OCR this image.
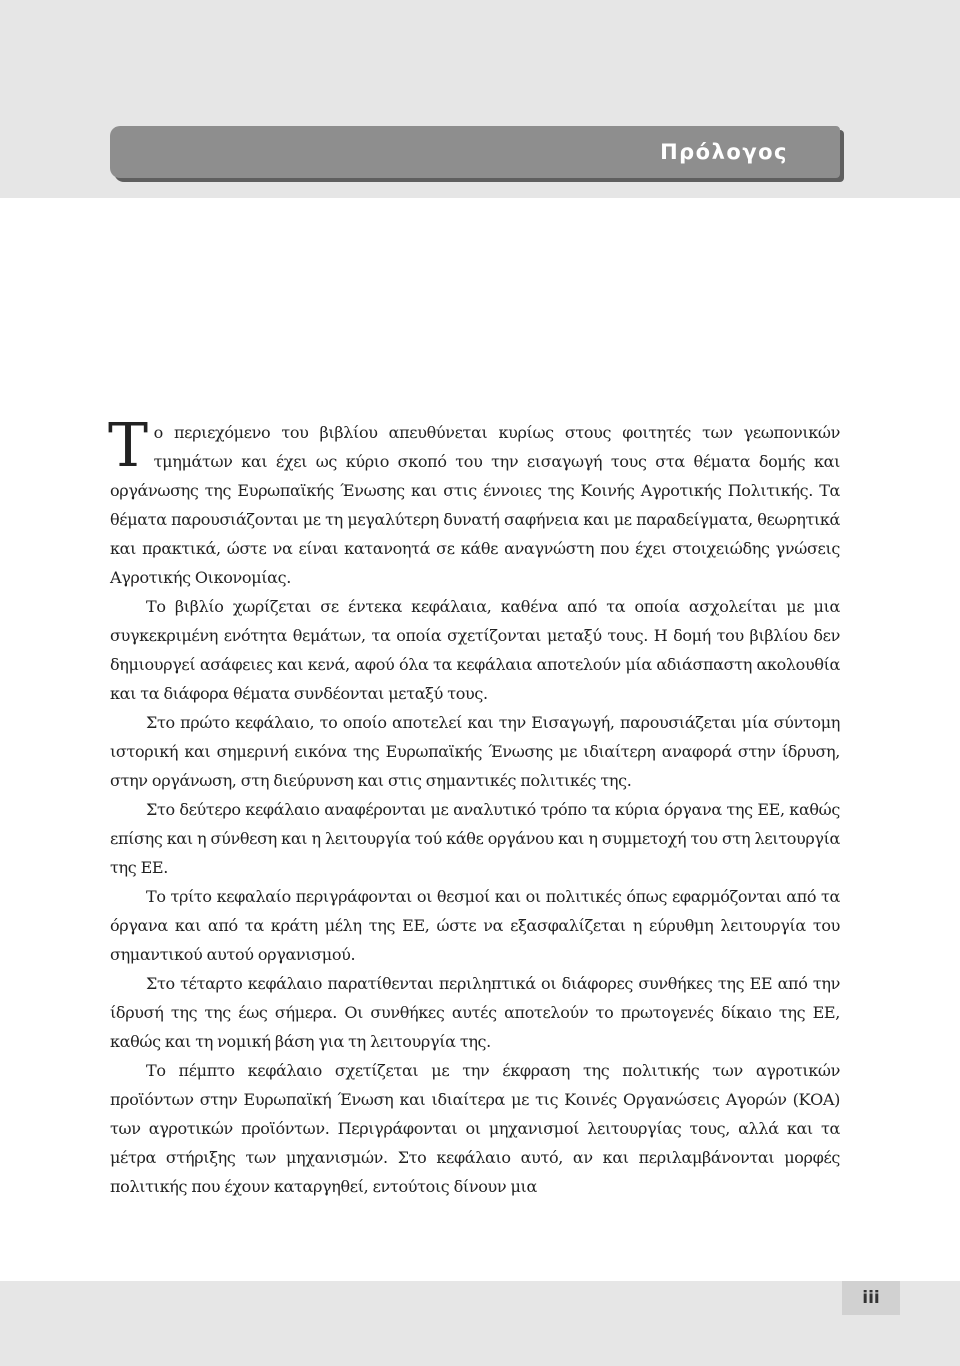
Πρόλογος

Το περιεχόμενο του βιβλίου απευθύνεται κυρίως στους φοιτητές των γεωπονικών τμημάτων και έχει ως κύριο σκοπό του την εισαγωγή τους στα θέματα δομής και οργάνωσης της Ευρωπαϊκής Ένωσης και στις έννοιες της Κοινής Αγροτικής Πολιτικής. Τα θέματα παρουσιάζονται με τη μεγαλύτερη δυνατή σαφήνεια και με παραδείγματα, θεωρητικά και πρακτικά, ώστε να είναι κατανοητά σε κάθε αναγνώστη που έχει στοιχειώδης γνώσεις Αγροτικής Οικονομίας.

Το βιβλίο χωρίζεται σε έντεκα κεφάλαια, καθένα από τα οποία ασχολείται με μια συγκεκριμένη ενότητα θεμάτων, τα οποία σχετίζονται μεταξύ τους. Η δομή του βιβλίου δεν δημιουργεί ασάφειες και κενά, αφού όλα τα κεφάλαια αποτελούν μία αδιάσπαστη ακολουθία και τα διάφορα θέματα συνδέονται μεταξύ τους.

Στο πρώτο κεφάλαιο, το οποίο αποτελεί και την Εισαγωγή, παρουσιάζεται μία σύντομη ιστορική και σημερινή εικόνα της Ευρωπαϊκής Ένωσης με ιδιαίτερη αναφορά στην ίδρυση, στην οργάνωση, στη διεύρυνση και στις σημαντικές πολιτικές της.

Στο δεύτερο κεφάλαιο αναφέρονται με αναλυτικό τρόπο τα κύρια όργανα της ΕΕ, καθώς επίσης και η σύνθεση και η λειτουργία τού κάθε οργάνου και η συμμετοχή του στη λειτουργία της ΕΕ.

Το τρίτο κεφαλαίο περιγράφονται οι θεσμοί και οι πολιτικές όπως εφαρμόζονται από τα όργανα και από τα κράτη μέλη της ΕΕ, ώστε να εξασφαλίζεται η εύρυθμη λειτουργία του σημαντικού αυτού οργανισμού.

Στο τέταρτο κεφάλαιο παρατίθενται περιληπτικά οι διάφορες συνθήκες της ΕΕ από την ίδρυσή της της έως σήμερα. Οι συνθήκες αυτές αποτελούν το πρωτογενές δίκαιο της ΕΕ, καθώς και τη νομική βάση για τη λειτουργία της.

Το πέμπτο κεφάλαιο σχετίζεται με την έκφραση της πολιτικής των αγροτικών προϊόντων στην Ευρωπαϊκή Ένωση και ιδιαίτερα με τις Κοινές Οργανώσεις Αγορών (ΚΟΑ) των αγροτικών προϊόντων. Περιγράφονται οι μηχανισμοί λειτουργίας τους, αλλά και τα μέτρα στήριξης των μηχανισμών. Στο κεφάλαιο αυτό, αν και περιλαμβάνονται μορφές πολιτικής που έχουν καταργηθεί, εντούτοις δίνουν μια

iii
